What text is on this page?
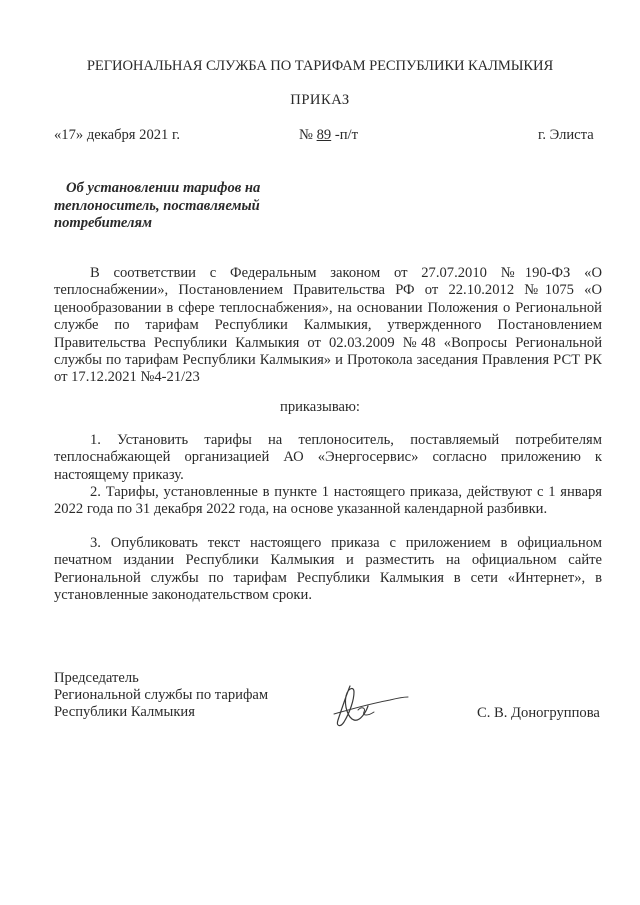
РЕГИОНАЛЬНАЯ СЛУЖБА ПО ТАРИФАМ РЕСПУБЛИКИ КАЛМЫКИЯ
ПРИКАЗ
«17» декабря 2021 г.	№ 89 -п/т	г. Элиста
Об установлении тарифов на
теплоноситель, поставляемый
потребителям
В соответствии с Федеральным законом от 27.07.2010 №190-ФЗ «О теплоснабжении», Постановлением Правительства РФ от 22.10.2012 №1075 «О ценообразовании в сфере теплоснабжения», на основании Положения о Региональной службе по тарифам Республики Калмыкия, утвержденного Постановлением Правительства Республики Калмыкия от 02.03.2009 №48 «Вопросы Региональной службы по тарифам Республики Калмыкия» и Протокола заседания Правления РСТ РК от 17.12.2021 №4-21/23
приказываю:
1. Установить тарифы на теплоноситель, поставляемый потребителям теплоснабжающей организацией АО «Энергосервис» согласно приложению к настоящему приказу.
2. Тарифы, установленные в пункте 1 настоящего приказа, действуют с 1 января 2022 года по 31 декабря 2022 года, на основе указанной календарной разбивки.
3. Опубликовать текст настоящего приказа с приложением в официальном печатном издании Республики Калмыкия и разместить на официальном сайте Региональной службы по тарифам Республики Калмыкия в сети «Интернет», в установленные законодательством сроки.
Председатель
Региональной службы по тарифам
Республики Калмыкия	С. В. Доногруппова
